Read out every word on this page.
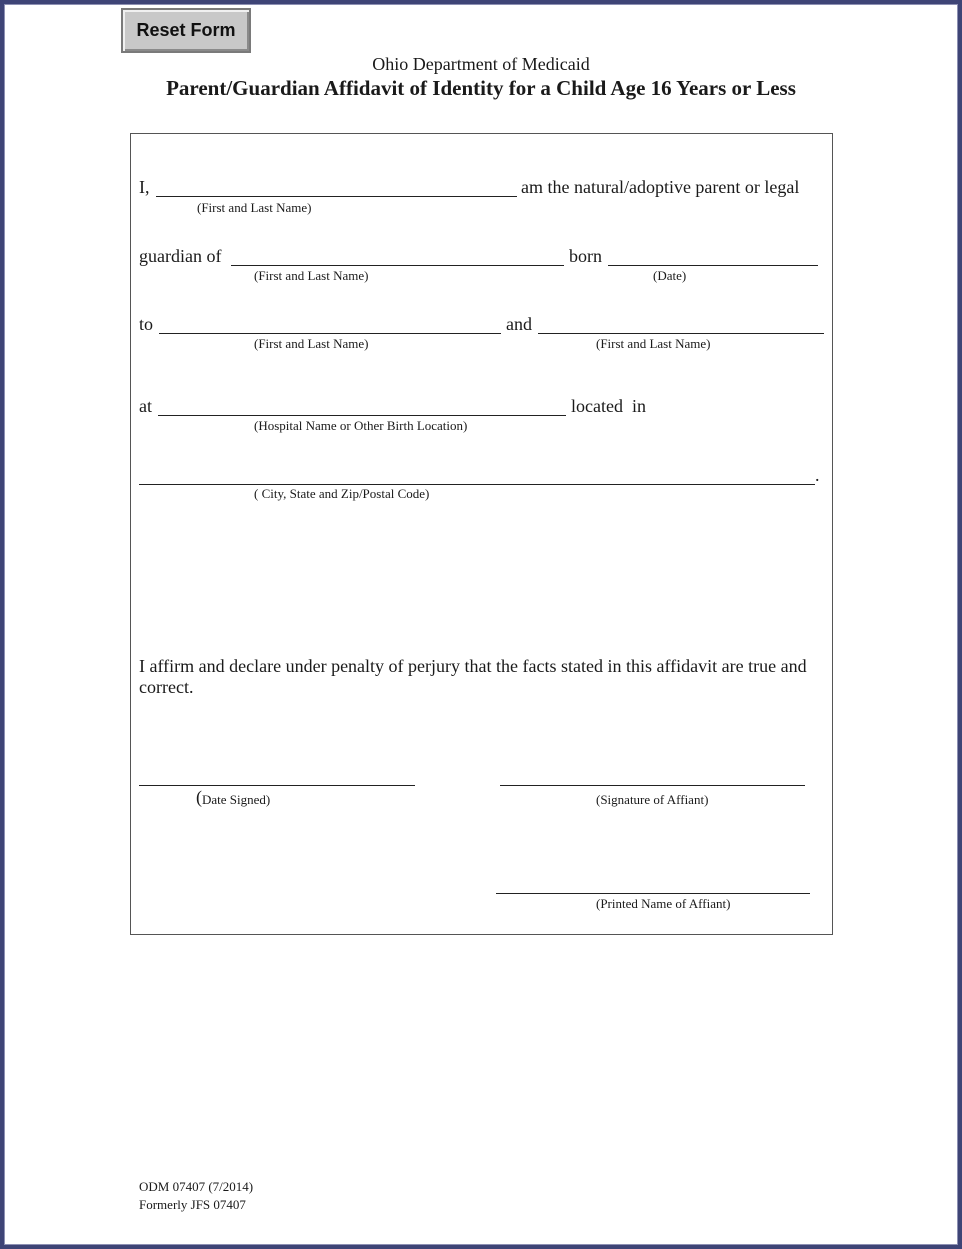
Reset Form
Ohio Department of Medicaid
Parent/Guardian Affidavit of Identity for a Child Age 16 Years or Less
I,	am the natural/adoptive parent or legal
(First and Last Name)
guardian of	born
(First and Last Name)	(Date)
to	and
(First and Last Name)	(First and Last Name)
at	located  in
(Hospital Name or Other Birth Location)
.
( City, State and Zip/Postal Code)
I affirm and declare under penalty of perjury that the facts stated in this affidavit are true and correct.
( Date Signed)	(Signature of Affiant)
(Printed Name of Affiant)
ODM 07407 (7/2014)
Formerly JFS 07407
